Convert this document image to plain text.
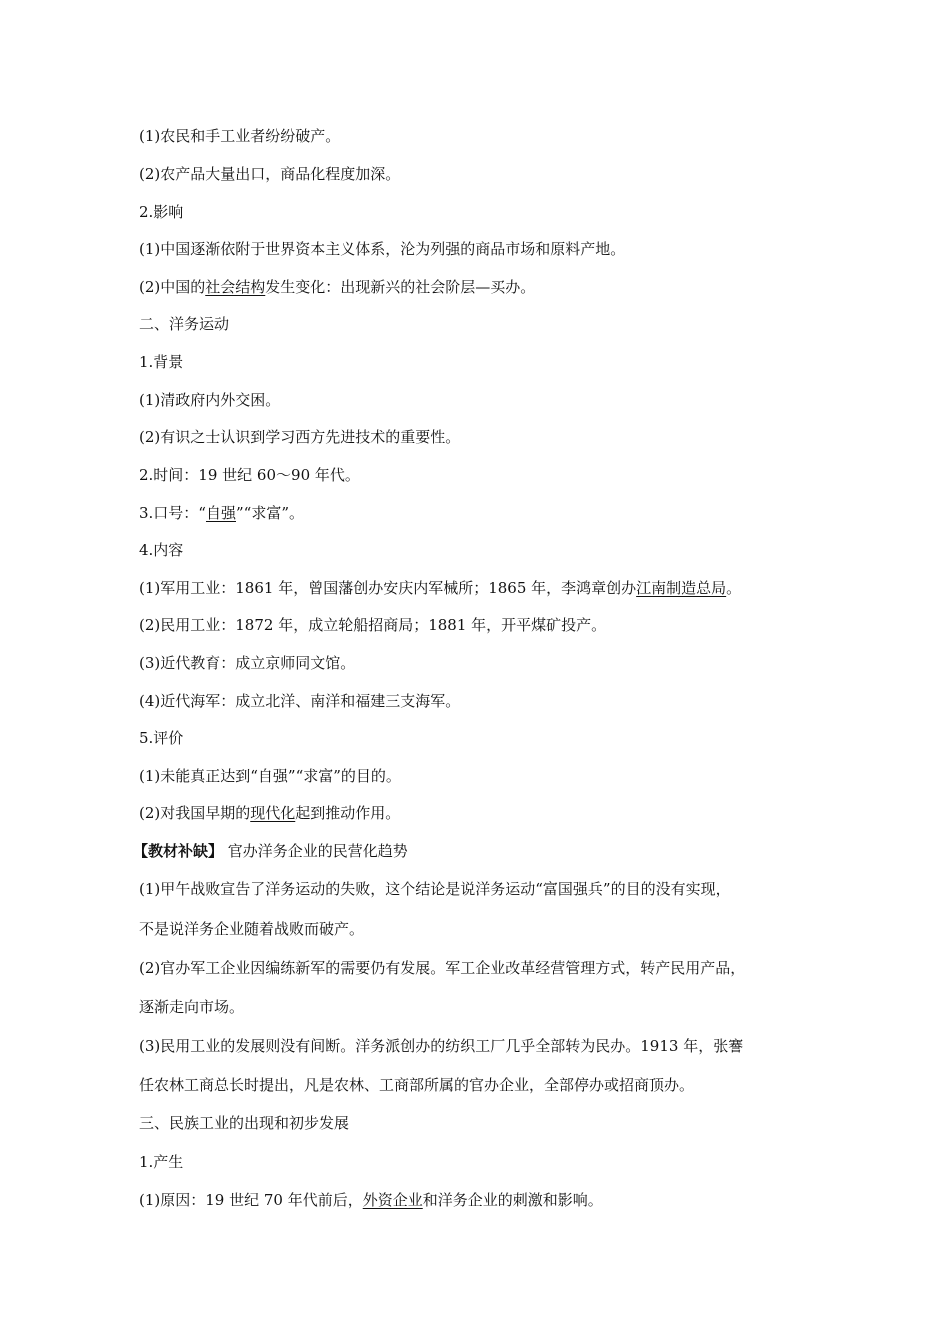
(1)农民和手工业者纷纷破产。
(2)农产品大量出口，商品化程度加深。
2.影响
(1)中国逐渐依附于世界资本主义体系，沦为列强的商品市场和原料产地。
(2)中国的社会结构发生变化：出现新兴的社会阶层—买办。
二、洋务运动
1.背景
(1)清政府内外交困。
(2)有识之士认识到学习西方先进技术的重要性。
2.时间：19 世纪 60～90 年代。
3.口号：“自强”“求富”。
4.内容
(1)军用工业：1861 年，曾国藩创办安庆内军械所；1865 年，李鸿章创办江南制造总局。
(2)民用工业：1872 年，成立轮船招商局；1881 年，开平煤矿投产。
(3)近代教育：成立京师同文馆。
(4)近代海军：成立北洋、南洋和福建三支海军。
5.评价
(1)未能真正达到“自强”“求富”的目的。
(2)对我国早期的现代化起到推动作用。
【教材补缺】 官办洋务企业的民营化趋势
(1)甲午战败宣告了洋务运动的失败，这个结论是说洋务运动“富国强兵”的目的没有实现，
不是说洋务企业随着战败而破产。
(2)官办军工企业因编练新军的需要仍有发展。军工企业改革经营管理方式，转产民用产品，
逐渐走向市场。
(3)民用工业的发展则没有间断。洋务派创办的纺织工厂几乎全部转为民办。1913 年，张謇
任农林工商总长时提出，凡是农林、工商部所属的官办企业，全部停办或招商顶办。
三、民族工业的出现和初步发展
1.产生
(1)原因：19 世纪 70 年代前后，外资企业和洋务企业的刺激和影响。
